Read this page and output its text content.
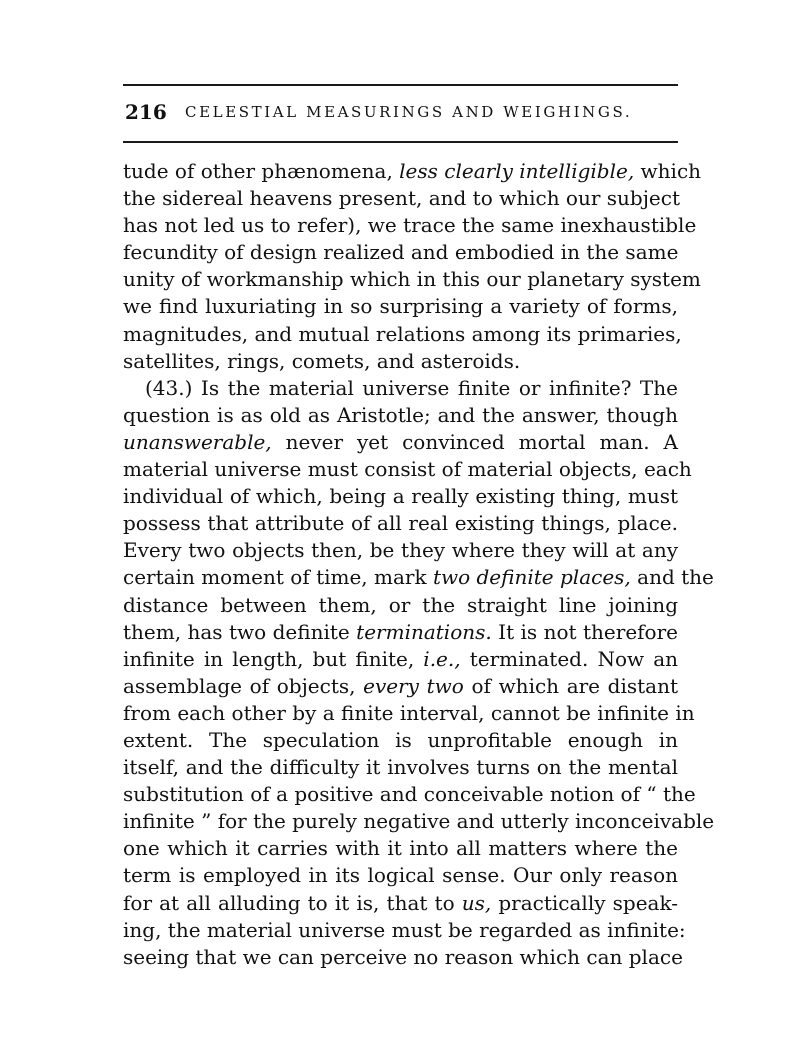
216 CELESTIAL MEASURINGS AND WEIGHINGS.
tude of other phænomena, less clearly intelligible, which
the sidereal heavens present, and to which our subject
has not led us to refer), we trace the same inexhaustible
fecundity of design realized and embodied in the same
unity of workmanship which in this our planetary system
we find luxuriating in so surprising a variety of forms,
magnitudes, and mutual relations among its primaries,
satellites, rings, comets, and asteroids.
(43.) Is the material universe finite or infinite? The
question is as old as Aristotle; and the answer, though
unanswerable, never yet convinced mortal man. A
material universe must consist of material objects, each
individual of which, being a really existing thing, must
possess that attribute of all real existing things, place.
Every two objects then, be they where they will at any
certain moment of time, mark two definite places, and the
distance between them, or the straight line joining
them, has two definite terminations. It is not therefore
infinite in length, but finite, i.e., terminated. Now an
assemblage of objects, every two of which are distant
from each other by a finite interval, cannot be infinite in
extent. The speculation is unprofitable enough in
itself, and the difficulty it involves turns on the mental
substitution of a positive and conceivable notion of “ the
infinite ” for the purely negative and utterly inconceivable
one which it carries with it into all matters where the
term is employed in its logical sense. Our only reason
for at all alluding to it is, that to us, practically speak-
ing, the material universe must be regarded as infinite:
seeing that we can perceive no reason which can place
